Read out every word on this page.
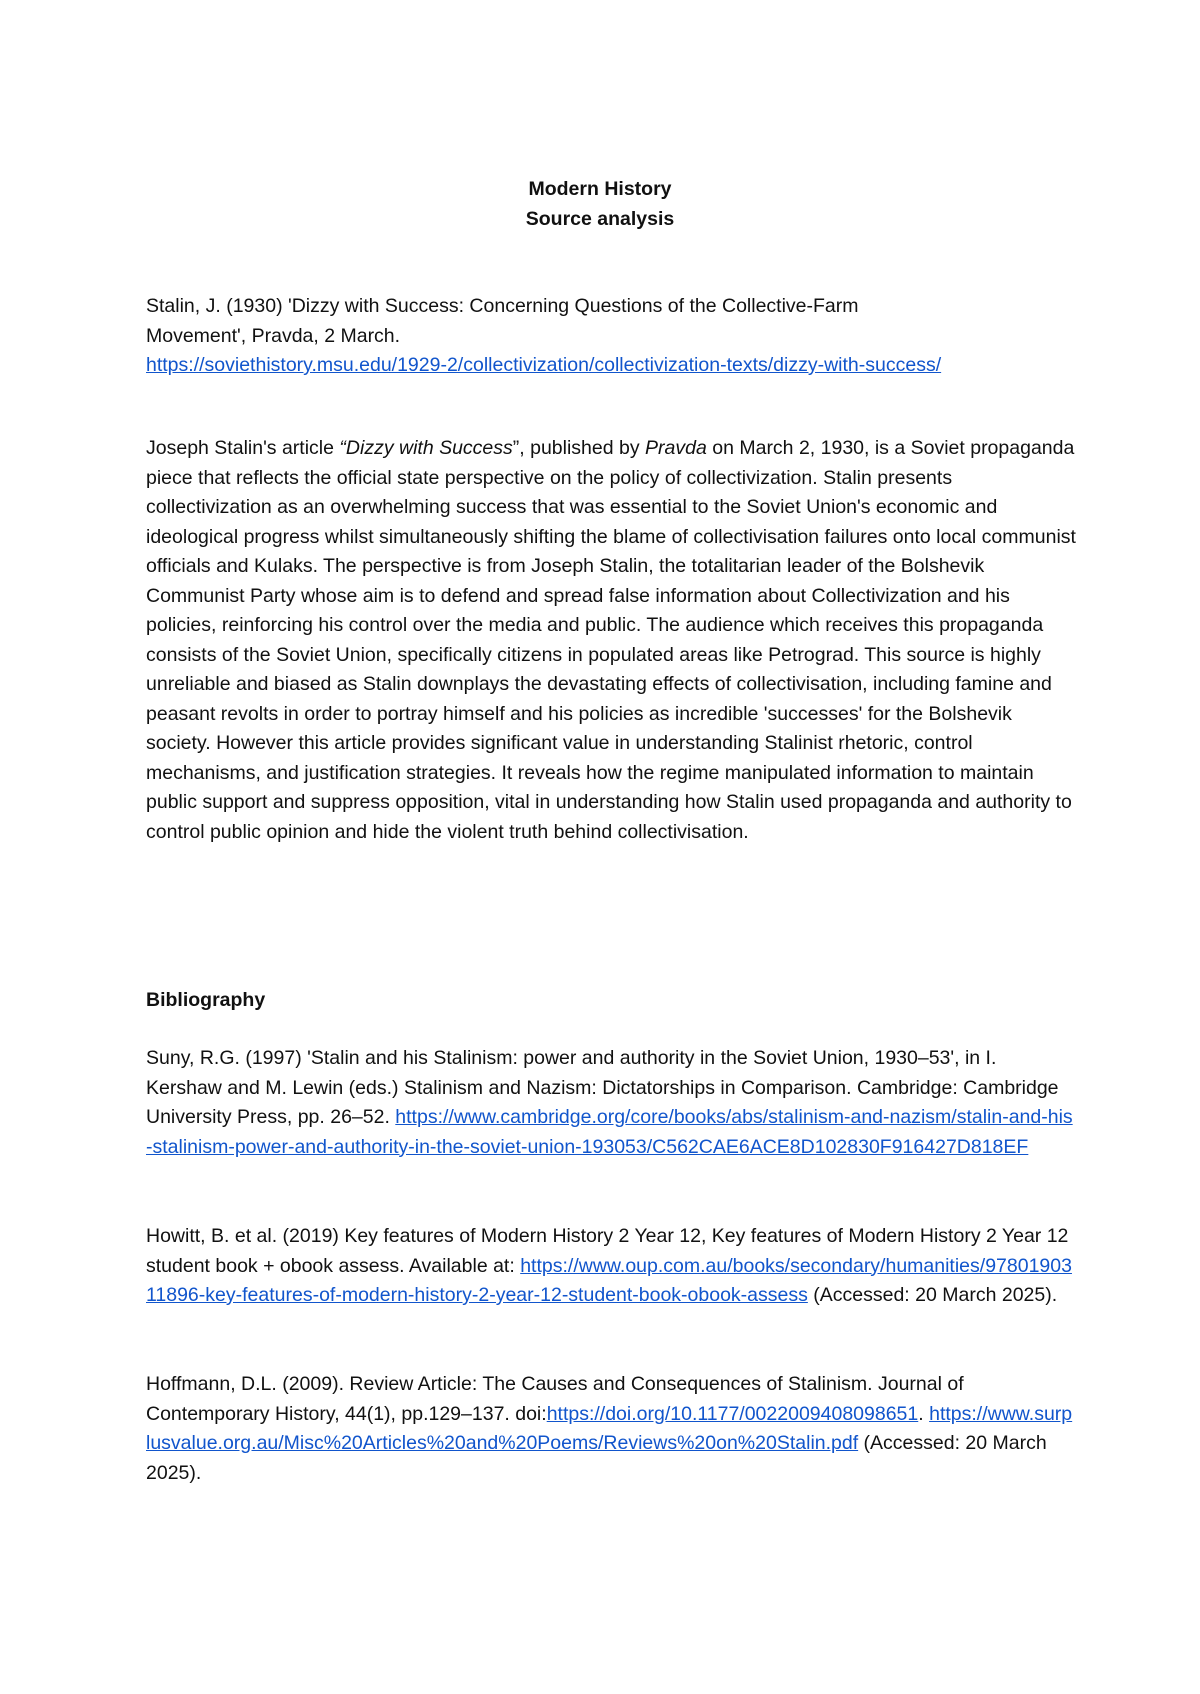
Modern History
Source analysis
Stalin, J. (1930) 'Dizzy with Success: Concerning Questions of the Collective-Farm
Movement', Pravda, 2 March.
https://soviethistory.msu.edu/1929-2/collectivization/collectivization-texts/dizzy-with-success/

Joseph Stalin's article “Dizzy with Success”, published by Pravda on March 2, 1930, is a Soviet propaganda piece that reflects the official state perspective on the policy of collectivization. Stalin presents collectivization as an overwhelming success that was essential to the Soviet Union's economic and ideological progress whilst simultaneously shifting the blame of collectivisation failures onto local communist officials and Kulaks. The perspective is from Joseph Stalin, the totalitarian leader of the Bolshevik Communist Party whose aim is to defend and spread false information about Collectivization and his policies, reinforcing his control over the media and public. The audience which receives this propaganda consists of the Soviet Union, specifically citizens in populated areas like Petrograd. This source is highly unreliable and biased as Stalin downplays the devastating effects of collectivisation, including famine and peasant revolts in order to portray himself and his policies as incredible 'successes' for the Bolshevik society. However this article provides significant value in understanding Stalinist rhetoric, control mechanisms, and justification strategies. It reveals how the regime manipulated information to maintain public support and suppress opposition, vital in understanding how Stalin used propaganda and authority to control public opinion and hide the violent truth behind collectivisation.

Bibliography

Suny, R.G. (1997) 'Stalin and his Stalinism: power and authority in the Soviet Union, 1930–53', in I. Kershaw and M. Lewin (eds.) Stalinism and Nazism: Dictatorships in Comparison. Cambridge: Cambridge University Press, pp. 26–52. https://www.cambridge.org/core/books/abs/stalinism-and-nazism/stalin-and-his-stalinism-power-and-authority-in-the-soviet-union-193053/C562CAE6ACE8D102830F916427D818EF

Howitt, B. et al. (2019) Key features of Modern History 2 Year 12, Key features of Modern History 2 Year 12 student book + obook assess. Available at: https://www.oup.com.au/books/secondary/humanities/9780190311896-key-features-of-modern-history-2-year-12-student-book-obook-assess (Accessed: 20 March 2025).

Hoffmann, D.L. (2009). Review Article: The Causes and Consequences of Stalinism. Journal of Contemporary History, 44(1), pp.129–137. doi:https://doi.org/10.1177/0022009408098651. https://www.surplusvalue.org.au/Misc%20Articles%20and%20Poems/Reviews%20on%20Stalin.pdf (Accessed: 20 March 2025).
